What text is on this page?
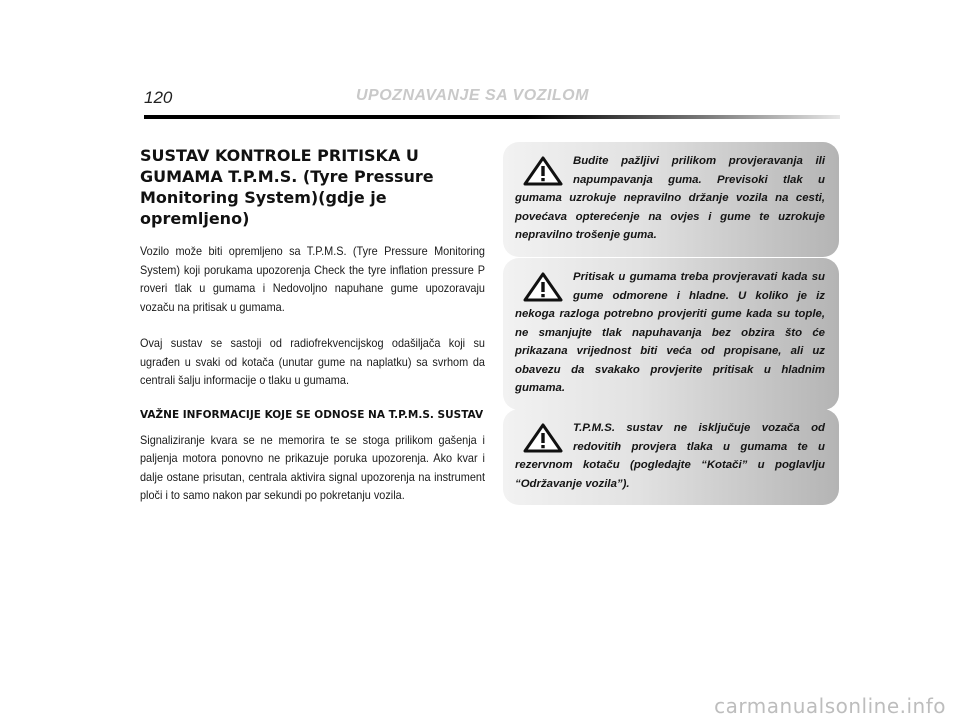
120	UPOZNAVANJE SA VOZILOM
SUSTAV KONTROLE PRITISKA U GUMAMA T.P.M.S. (Tyre Pressure Monitoring System)(gdje je opremljeno)

Vozilo može biti opremljeno sa T.P.M.S. (Tyre Pressure Monitoring System) koji porukama upozorenja Check the tyre inflation pressure P roveri tlak u gumama i Nedovoljno napuhane gume upozoravaju vozaču na pritisak u gumama.

Ovaj sustav se sastoji od radiofrekvencijskog odašiljača koji su ugrađen u svaki od kotača (unutar gume na naplatku) sa svrhom da centrali šalju informacije o tlaku u gumama.

VAŽNE INFORMACIJE KOJE SE ODNOSE NA T.P.M.S. SUSTAV

Signaliziranje kvara se ne memorira te se stoga prilikom gašenja i paljenja motora ponovno ne prikazuje poruka upozorenja. Ako kvar i dalje ostane prisutan, centrala aktivira signal upozorenja na instrument ploči i to samo nakon par sekundi po pokretanju vozila.

Budite pažljivi prilikom provjeravanja ili napumpavanja guma. Previsoki tlak u gumama uzrokuje nepravilno držanje vozila na cesti, povećava opterećenje na ovjes i gume te uzrokuje nepravilno trošenje guma.

Pritisak u gumama treba provjeravati kada su gume odmorene i hladne. U koliko je iz nekoga razloga potrebno provjeriti gume kada su tople, ne smanjujte tlak napuhavanja bez obzira što će prikazana vrijednost biti veća od propisane, ali uz obavezu da svakako provjerite pritisak u hladnim gumama.

T.P.M.S. sustav ne isključuje vozača od redovitih provjera tlaka u gumama te u rezervnom kotaču (pogledajte “Kotači” u poglavlju “Održavanje vozila”).

carmanualsonline.info
